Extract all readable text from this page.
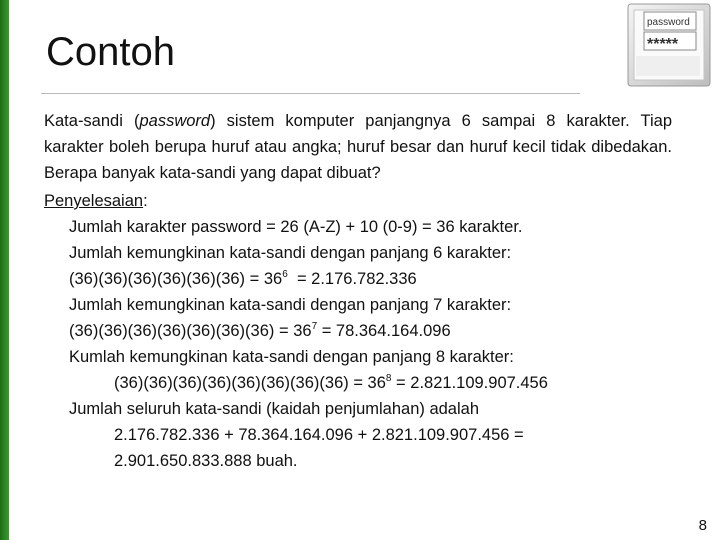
Contoh
password
*****

Kata-sandi (password) sistem komputer panjangnya 6 sampai 8 karakter. Tiap karakter boleh berupa huruf atau angka; huruf besar dan huruf kecil tidak dibedakan. Berapa banyak kata-sandi yang dapat dibuat?

Penyelesaian:

Jumlah karakter password = 26 (A-Z) + 10 (0-9) = 36 karakter.

Jumlah kemungkinan kata-sandi dengan panjang 6 karakter:

$(36)(36)(36)(36)(36)(36) = 36^6 = 2.176.782.336$

Jumlah kemungkinan kata-sandi dengan panjang 7 karakter:

$(36)(36)(36)(36)(36)(36)(36) = 36^7 = 78.364.164.096$

Kumlah kemungkinan kata-sandi dengan panjang 8 karakter:

$(36)(36)(36)(36)(36)(36)(36)(36) = 36^8 = 2.821.109.907.456$

Jumlah seluruh kata-sandi (kaidah penjumlahan) adalah

2.176.782.336 + 78.364.164.096 + 2.821.109.907.456 =

2.901.650.833.888 buah.

8
